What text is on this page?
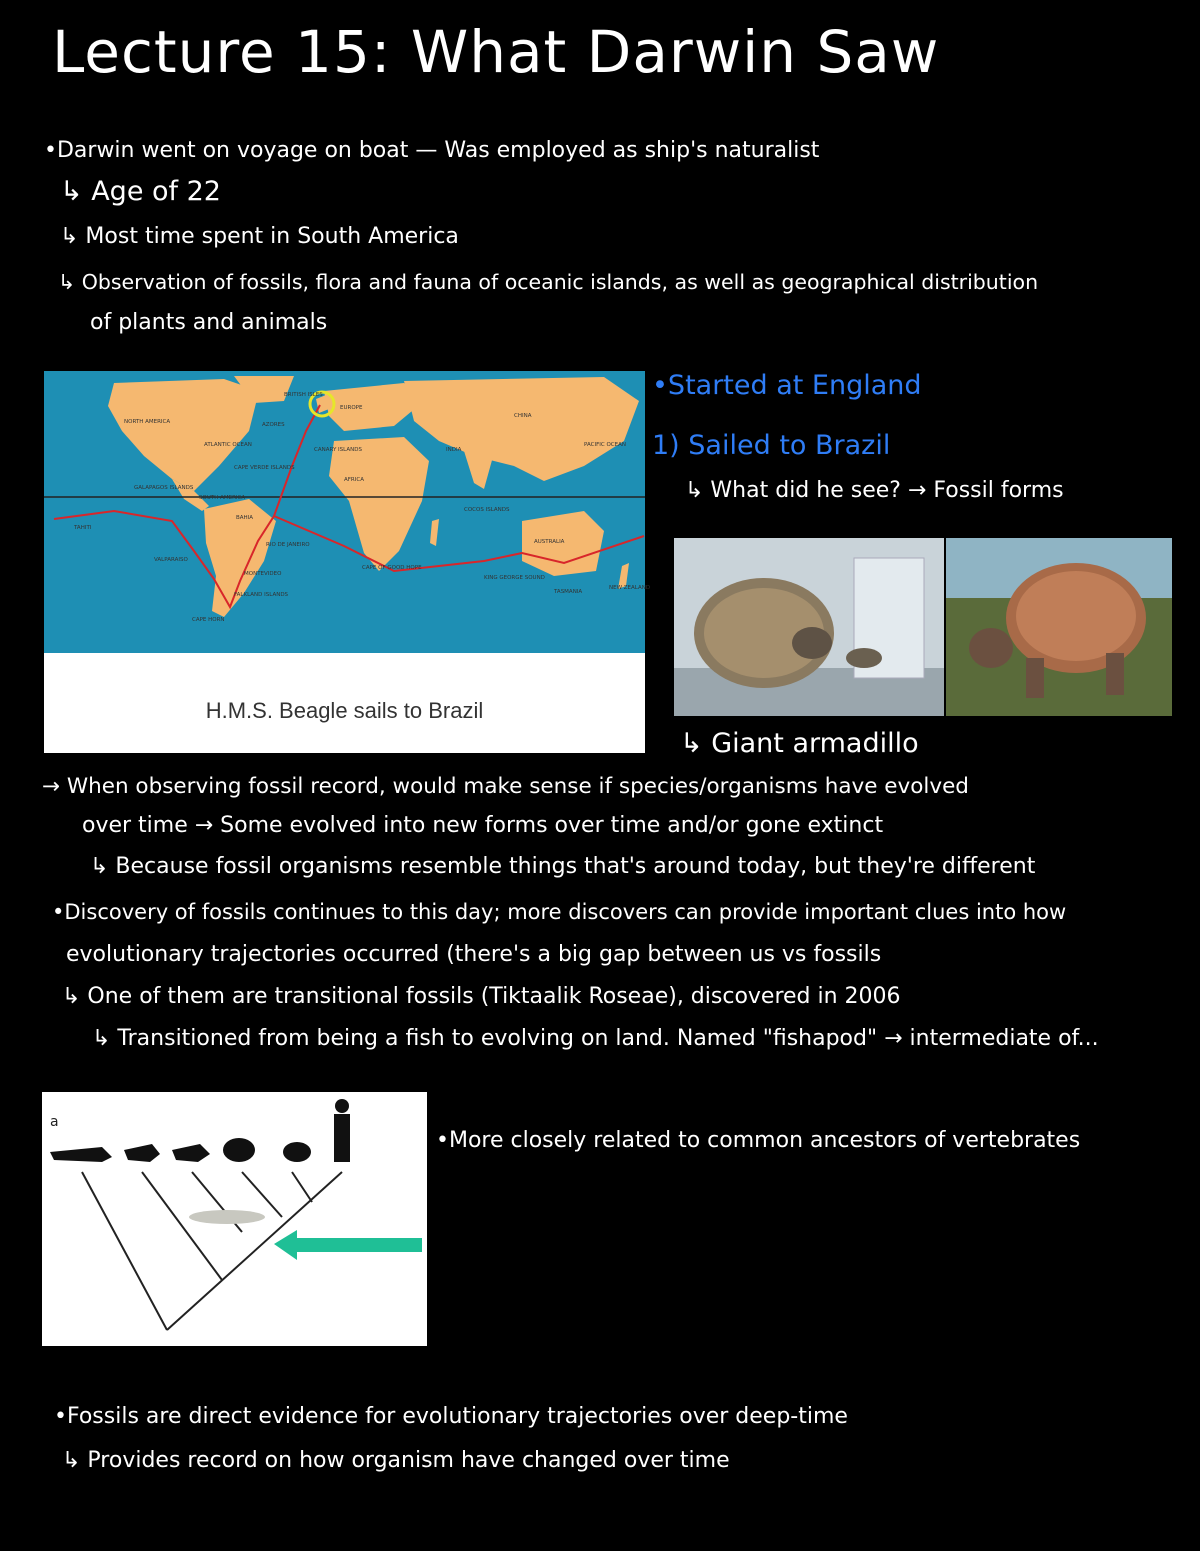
Lecture 15: What Darwin Saw
•Darwin went on voyage on boat — Was employed as ship's naturalist
↳ Age of 22
↳ Most time spent in South America
↳ Observation of fossils, flora and fauna of oceanic islands, as well as geographical distribution
of plants and animals
NORTH AMERICA
BRITISH ISLES
EUROPE
AZORES
ATLANTIC OCEAN
CANARY ISLANDS
CAPE VERDE ISLANDS
CHINA
PACIFIC OCEAN
INDIA
AFRICA
GALAPAGOS ISLANDS
SOUTH AMERICA
BAHIA
COCOS ISLANDS
TAHITI
RIO DE JANEIRO
VALPARAISO
MONTEVIDEO
FALKLAND ISLANDS
CAPE HORN
CAPE OF GOOD HOPE
AUSTRALIA
KING GEORGE SOUND
TASMANIA
NEW ZEALAND
H.M.S. Beagle sails to Brazil
•Started at England
1) Sailed to Brazil
↳ What did he see? → Fossil forms
↳ Giant armadillo
→ When observing fossil record, would make sense if species/organisms have evolved
over time → Some evolved into new forms over time and/or gone extinct
↳ Because fossil organisms resemble things that's around today, but they're different
•Discovery of fossils continues to this day; more discovers can provide important clues into how
evolutionary trajectories occurred (there's a big gap between us vs fossils
↳ One of them are transitional fossils (Tiktaalik Roseae), discovered in 2006
↳ Transitioned from being a fish to evolving on land. Named "fishapod" → intermediate of...
a
•More closely related to common ancestors of vertebrates
•Fossils are direct evidence for evolutionary trajectories over deep-time
↳ Provides record on how organism have changed over time
